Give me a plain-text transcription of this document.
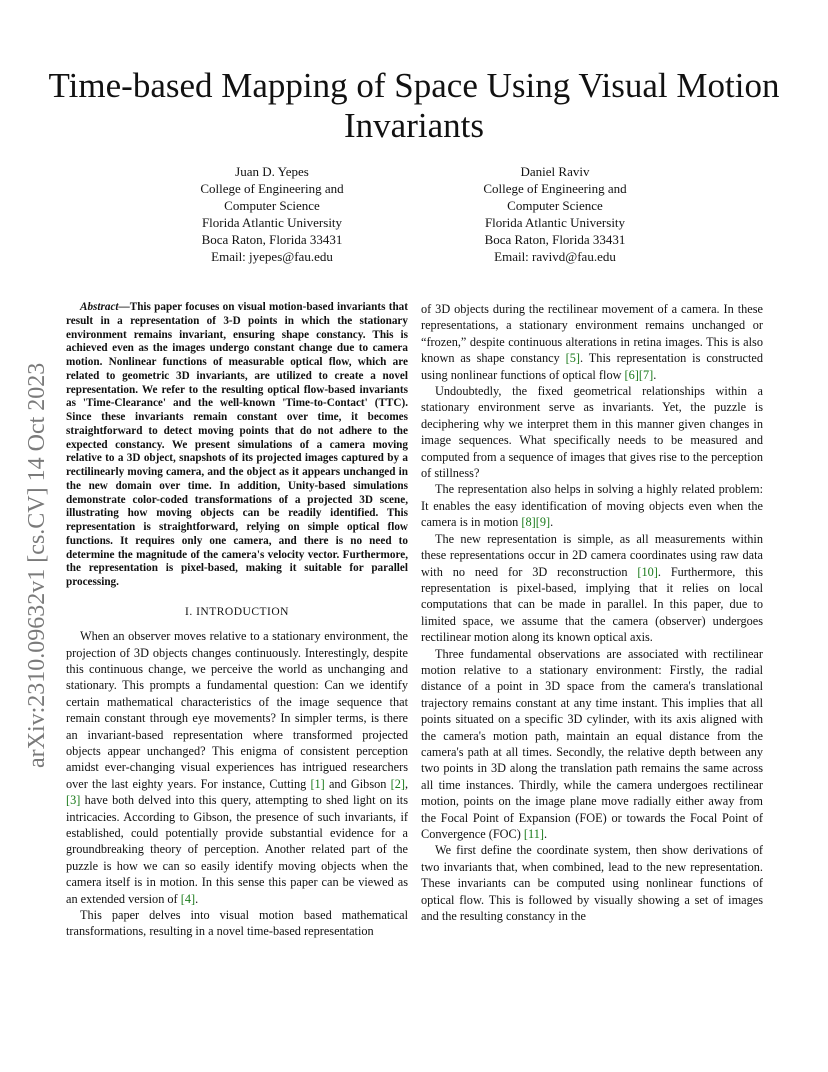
Time-based Mapping of Space Using Visual Motion Invariants
Juan D. Yepes
College of Engineering and
Computer Science
Florida Atlantic University
Boca Raton, Florida 33431
Email: jyepes@fau.edu
Daniel Raviv
College of Engineering and
Computer Science
Florida Atlantic University
Boca Raton, Florida 33431
Email: ravivd@fau.edu
arXiv:2310.09632v1 [cs.CV] 14 Oct 2023

Abstract—This paper focuses on visual motion-based invariants that result in a representation of 3-D points in which the stationary environment remains invariant, ensuring shape constancy. This is achieved even as the images undergo constant change due to camera motion. Nonlinear functions of measurable optical flow, which are related to geometric 3D invariants, are utilized to create a novel representation. We refer to the resulting optical flow-based invariants as 'Time-Clearance' and the well-known 'Time-to-Contact' (TTC). Since these invariants remain constant over time, it becomes straightforward to detect moving points that do not adhere to the expected constancy. We present simulations of a camera moving relative to a 3D object, snapshots of its projected images captured by a rectilinearly moving camera, and the object as it appears unchanged in the new domain over time. In addition, Unity-based simulations demonstrate color-coded transformations of a projected 3D scene, illustrating how moving objects can be readily identified. This representation is straightforward, relying on simple optical flow functions. It requires only one camera, and there is no need to determine the magnitude of the camera's velocity vector. Furthermore, the representation is pixel-based, making it suitable for parallel processing.

I. INTRODUCTION

When an observer moves relative to a stationary environment, the projection of 3D objects changes continuously. Interestingly, despite this continuous change, we perceive the world as unchanging and stationary. This prompts a fundamental question: Can we identify certain mathematical characteristics of the image sequence that remain constant through eye movements? In simpler terms, is there an invariant-based representation where transformed projected objects appear unchanged? This enigma of consistent perception amidst ever-changing visual experiences has intrigued researchers over the last eighty years. For instance, Cutting [1] and Gibson [2], [3] have both delved into this query, attempting to shed light on its intricacies. According to Gibson, the presence of such invariants, if established, could potentially provide substantial evidence for a groundbreaking theory of perception. Another related part of the puzzle is how we can so easily identify moving objects when the camera itself is in motion. In this sense this paper can be viewed as an extended version of [4].

This paper delves into visual motion based mathematical transformations, resulting in a novel time-based representation

of 3D objects during the rectilinear movement of a camera. In these representations, a stationary environment remains unchanged or “frozen,” despite continuous alterations in retina images. This is also known as shape constancy [5]. This representation is constructed using nonlinear functions of optical flow [6][7].

Undoubtedly, the fixed geometrical relationships within a stationary environment serve as invariants. Yet, the puzzle is deciphering why we interpret them in this manner given changes in image sequences. What specifically needs to be measured and computed from a sequence of images that gives rise to the perception of stillness?

The representation also helps in solving a highly related problem: It enables the easy identification of moving objects even when the camera is in motion [8][9].

The new representation is simple, as all measurements within these representations occur in 2D camera coordinates using raw data with no need for 3D reconstruction [10]. Furthermore, this representation is pixel-based, implying that it relies on local computations that can be made in parallel. In this paper, due to limited space, we assume that the camera (observer) undergoes rectilinear motion along its known optical axis.

Three fundamental observations are associated with rectilinear motion relative to a stationary environment: Firstly, the radial distance of a point in 3D space from the camera's translational trajectory remains constant at any time instant. This implies that all points situated on a specific 3D cylinder, with its axis aligned with the camera's motion path, maintain an equal distance from the camera's path at all times. Secondly, the relative depth between any two points in 3D along the translation path remains the same across all time instances. Thirdly, while the camera undergoes rectilinear motion, points on the image plane move radially either away from the Focal Point of Expansion (FOE) or towards the Focal Point of Convergence (FOC) [11].

We first define the coordinate system, then show derivations of two invariants that, when combined, lead to the new representation. These invariants can be computed using nonlinear functions of optical flow. This is followed by visually showing a set of images and the resulting constancy in the
